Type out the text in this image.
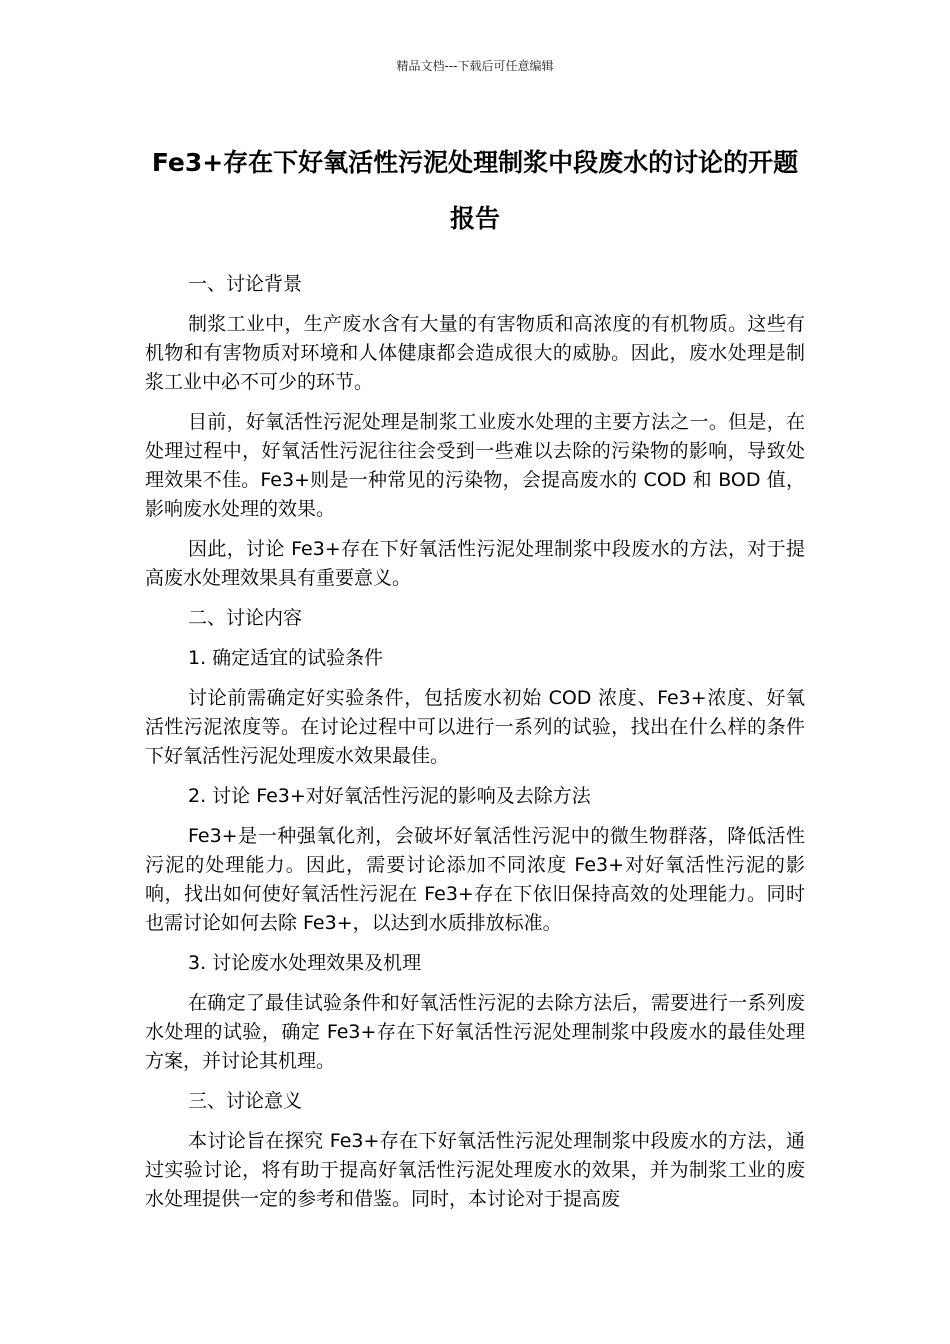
精品文档---下载后可任意编辑
Fe3+存在下好氧活性污泥处理制浆中段废水的讨论的开题报告

一、讨论背景

制浆工业中，生产废水含有大量的有害物质和高浓度的有机物质。这些有机物和有害物质对环境和人体健康都会造成很大的威胁。因此，废水处理是制浆工业中必不可少的环节。

目前，好氧活性污泥处理是制浆工业废水处理的主要方法之一。但是，在处理过程中，好氧活性污泥往往会受到一些难以去除的污染物的影响，导致处理效果不佳。Fe3+则是一种常见的污染物，会提高废水的 COD 和 BOD 值，影响废水处理的效果。

因此，讨论 Fe3+存在下好氧活性污泥处理制浆中段废水的方法，对于提高废水处理效果具有重要意义。

二、讨论内容

1. 确定适宜的试验条件

讨论前需确定好实验条件，包括废水初始 COD 浓度、Fe3+浓度、好氧活性污泥浓度等。在讨论过程中可以进行一系列的试验，找出在什么样的条件下好氧活性污泥处理废水效果最佳。

2. 讨论 Fe3+对好氧活性污泥的影响及去除方法

Fe3+是一种强氧化剂，会破坏好氧活性污泥中的微生物群落，降低活性污泥的处理能力。因此，需要讨论添加不同浓度 Fe3+对好氧活性污泥的影响，找出如何使好氧活性污泥在 Fe3+存在下依旧保持高效的处理能力。同时也需讨论如何去除 Fe3+，以达到水质排放标准。

3. 讨论废水处理效果及机理

在确定了最佳试验条件和好氧活性污泥的去除方法后，需要进行一系列废水处理的试验，确定 Fe3+存在下好氧活性污泥处理制浆中段废水的最佳处理方案，并讨论其机理。

三、讨论意义

本讨论旨在探究 Fe3+存在下好氧活性污泥处理制浆中段废水的方法，通过实验讨论，将有助于提高好氧活性污泥处理废水的效果，并为制浆工业的废水处理提供一定的参考和借鉴。同时，本讨论对于提高废
